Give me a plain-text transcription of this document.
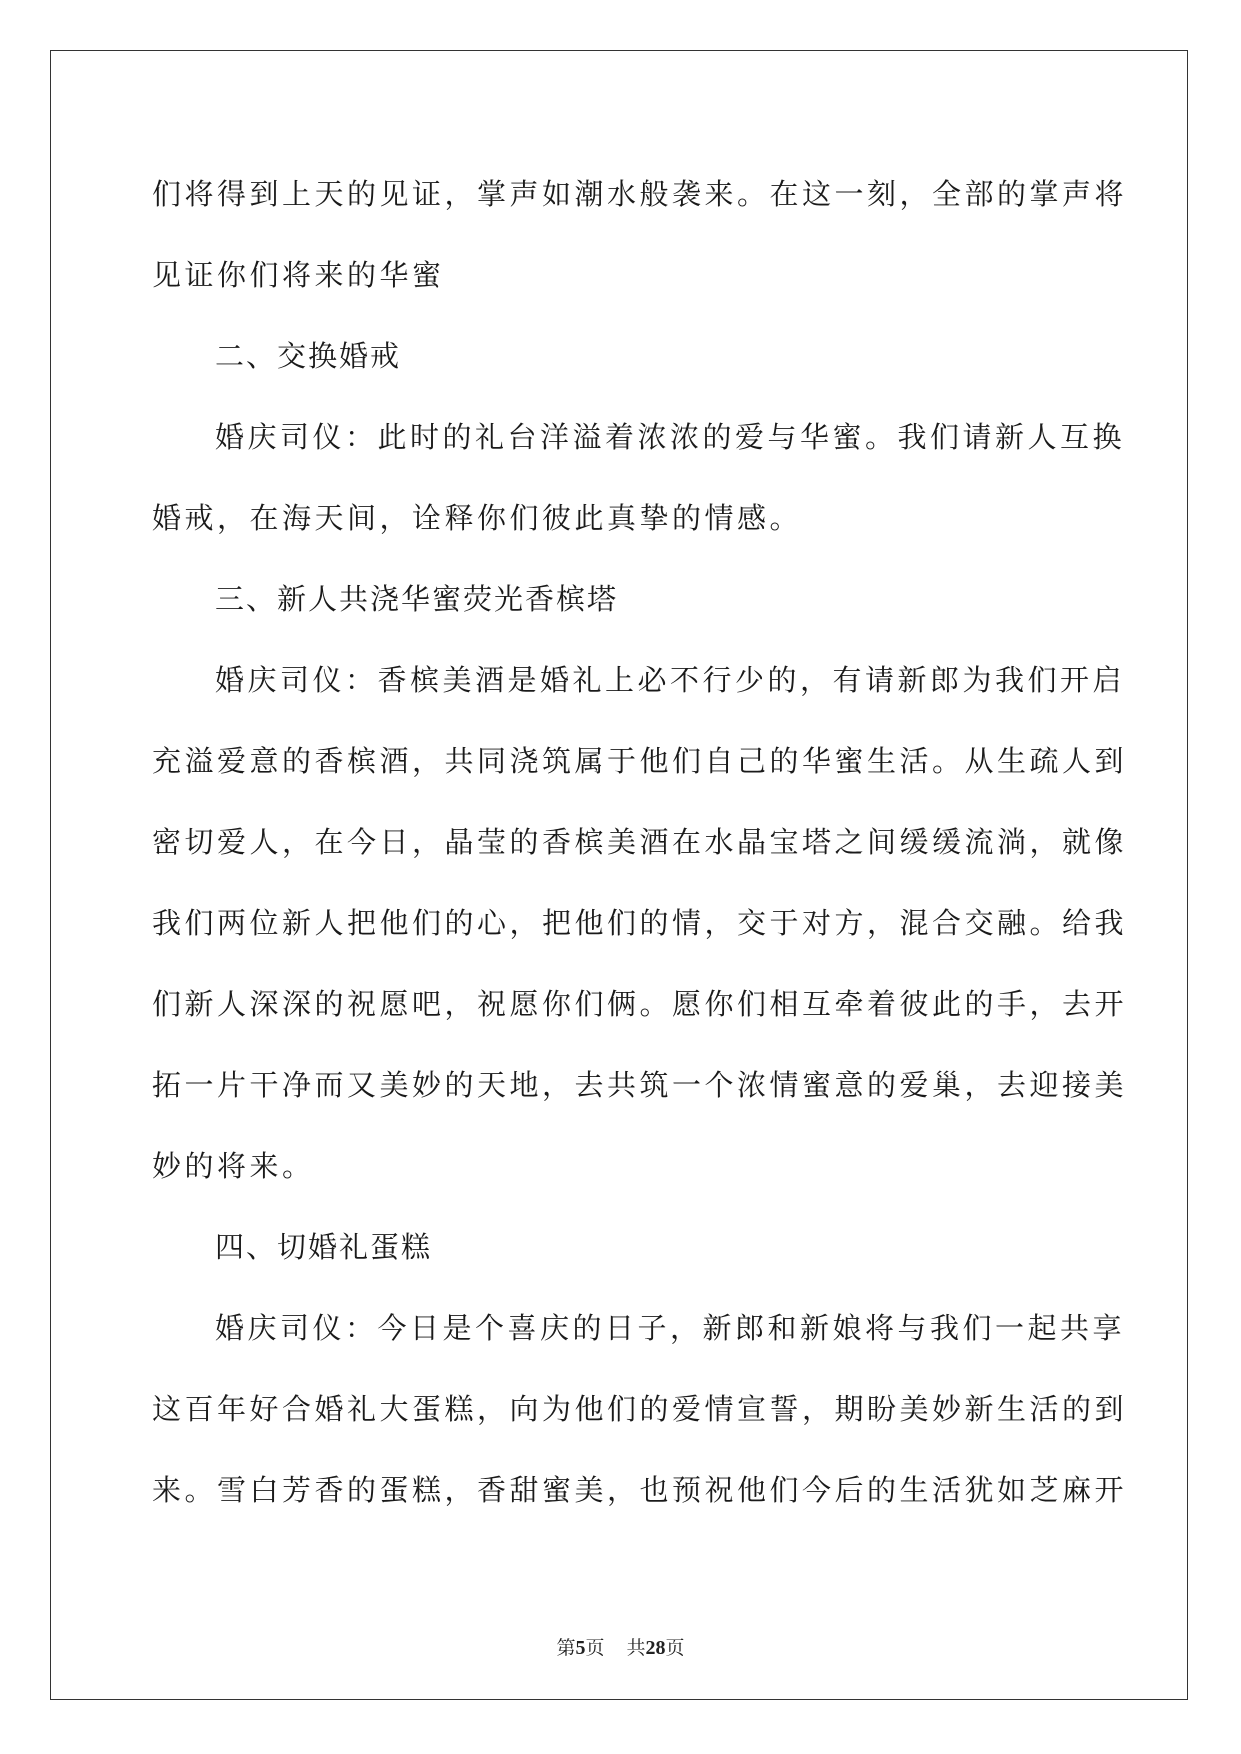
们将得到上天的见证，掌声如潮水般袭来。在这一刻，全部的掌声将
见证你们将来的华蜜
二、交换婚戒
婚庆司仪：此时的礼台洋溢着浓浓的爱与华蜜。我们请新人互换
婚戒，在海天间，诠释你们彼此真挚的情感。
三、新人共浇华蜜荧光香槟塔
婚庆司仪：香槟美酒是婚礼上必不行少的，有请新郎为我们开启
充溢爱意的香槟酒，共同浇筑属于他们自己的华蜜生活。从生疏人到
密切爱人，在今日，晶莹的香槟美酒在水晶宝塔之间缓缓流淌，就像
我们两位新人把他们的心，把他们的情，交于对方，混合交融。给我
们新人深深的祝愿吧，祝愿你们俩。愿你们相互牵着彼此的手，去开
拓一片干净而又美妙的天地，去共筑一个浓情蜜意的爱巢，去迎接美
妙的将来。
四、切婚礼蛋糕
婚庆司仪：今日是个喜庆的日子，新郎和新娘将与我们一起共享
这百年好合婚礼大蛋糕，向为他们的爱情宣誓，期盼美妙新生活的到
来。雪白芳香的蛋糕，香甜蜜美，也预祝他们今后的生活犹如芝麻开
第5页 共28页
